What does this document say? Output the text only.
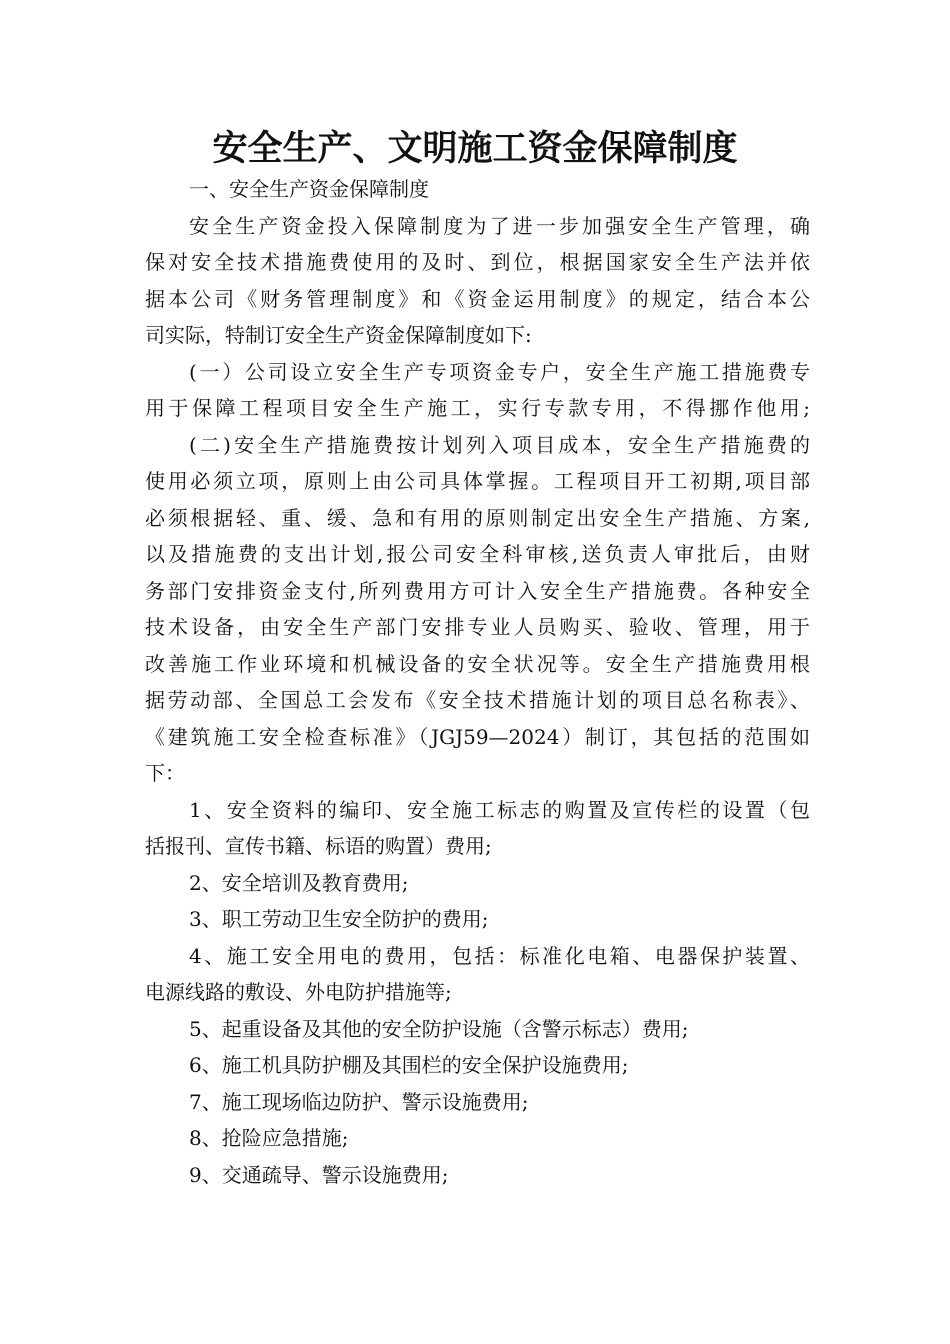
安全生产、文明施工资金保障制度
一、安全生产资金保障制度
安全生产资金投入保障制度为了进一步加强安全生产管理，确
保对安全技术措施费使用的及时、到位，根据国家安全生产法并依
据本公司《财务管理制度》和《资金运用制度》的规定，结合本公
司实际，特制订安全生产资金保障制度如下:
(一）公司设立安全生产专项资金专户，安全生产施工措施费专
用于保障工程项目安全生产施工，实行专款专用，不得挪作他用;
(二)安全生产措施费按计划列入项目成本，安全生产措施费的
使用必须立项，原则上由公司具体掌握。工程项目开工初期,项目部
必须根据轻、重、缓、急和有用的原则制定出安全生产措施、方案,
以及措施费的支出计划,报公司安全科审核,送负责人审批后，由财
务部门安排资金支付,所列费用方可计入安全生产措施费。各种安全
技术设备，由安全生产部门安排专业人员购买、验收、管理，用于
改善施工作业环境和机械设备的安全状况等。安全生产措施费用根
据劳动部、全国总工会发布《安全技术措施计划的项目总名称表》、
《建筑施工安全检查标准》（JGJ59—2024）制订，其包括的范围如
下：
1、安全资料的编印、安全施工标志的购置及宣传栏的设置（包
括报刊、宣传书籍、标语的购置）费用;
2、安全培训及教育费用;
3、职工劳动卫生安全防护的费用;
4、施工安全用电的费用，包括：标准化电箱、电器保护装置、
电源线路的敷设、外电防护措施等;
5、起重设备及其他的安全防护设施（含警示标志）费用;
6、施工机具防护棚及其围栏的安全保护设施费用;
7、施工现场临边防护、警示设施费用;
8、抢险应急措施;
9、交通疏导、警示设施费用;
